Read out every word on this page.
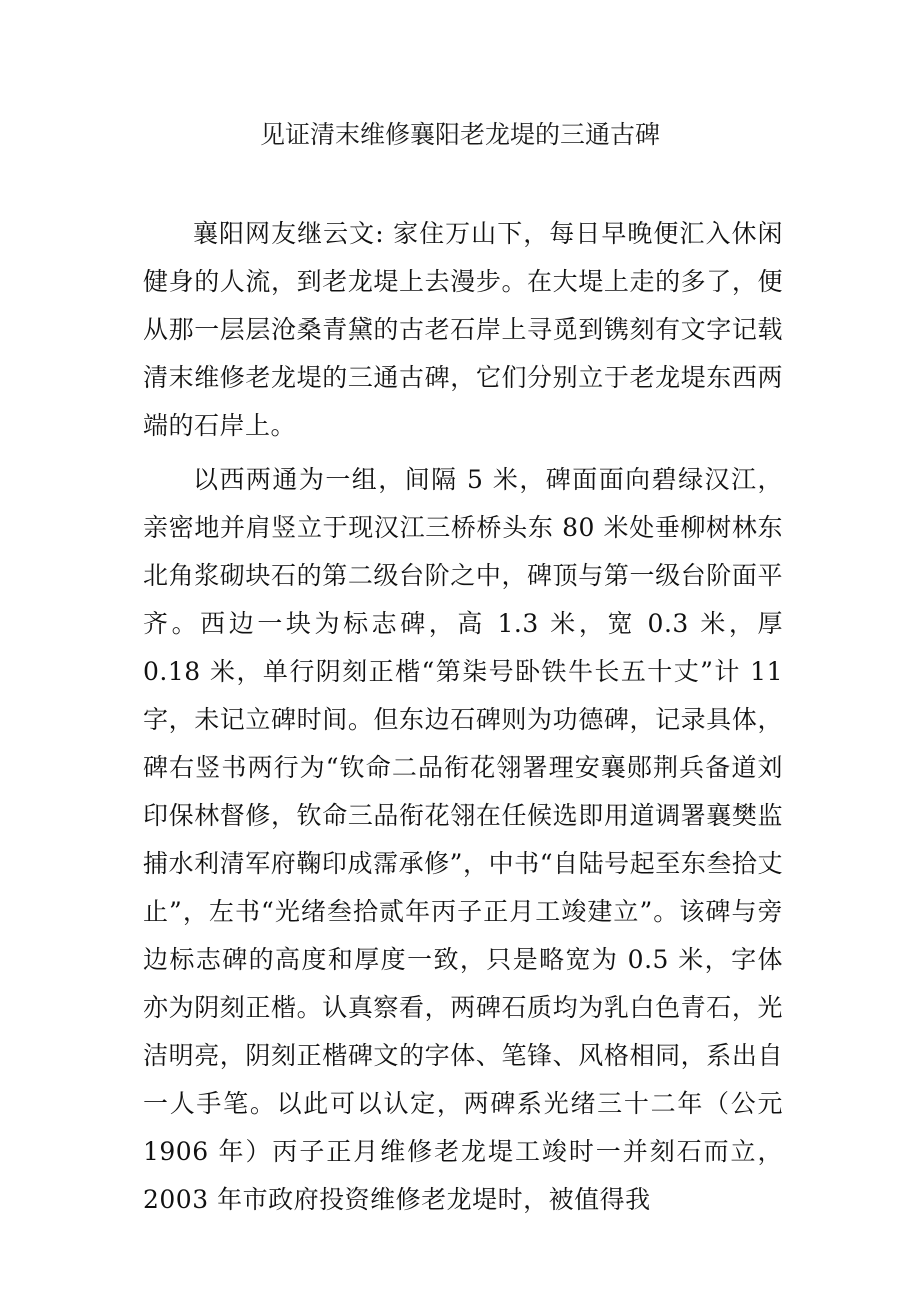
见证清末维修襄阳老龙堤的三通古碑

襄阳网友继云文: 家住万山下，每日早晚便汇入休闲健身的人流，到老龙堤上去漫步。在大堤上走的多了，便从那一层层沧桑青黛的古老石岸上寻觅到镌刻有文字记载清末维修老龙堤的三通古碑，它们分别立于老龙堤东西两端的石岸上。

以西两通为一组，间隔 5 米，碑面面向碧绿汉江，亲密地并肩竖立于现汉江三桥桥头东 80 米处垂柳树林东北角浆砌块石的第二级台阶之中，碑顶与第一级台阶面平齐。西边一块为标志碑，高 1.3 米，宽 0.3 米，厚 0.18 米，单行阴刻正楷“第柒号卧铁牛长五十丈”计 11 字，未记立碑时间。但东边石碑则为功德碑，记录具体，碑右竖书两行为“钦命二品衔花翎署理安襄郧荆兵备道刘印保林督修，钦命三品衔花翎在任候选即用道调署襄樊监捕水利清军府鞠印成霈承修”，中书“自陆号起至东叁拾丈止”，左书“光绪叁拾贰年丙子正月工竣建立”。该碑与旁边标志碑的高度和厚度一致，只是略宽为 0.5 米，字体亦为阴刻正楷。认真察看，两碑石质均为乳白色青石，光洁明亮，阴刻正楷碑文的字体、笔锋、风格相同，系出自一人手笔。以此可以认定，两碑系光绪三十二年（公元 1906 年）丙子正月维修老龙堤工竣时一并刻石而立，2003 年市政府投资维修老龙堤时，被值得我
